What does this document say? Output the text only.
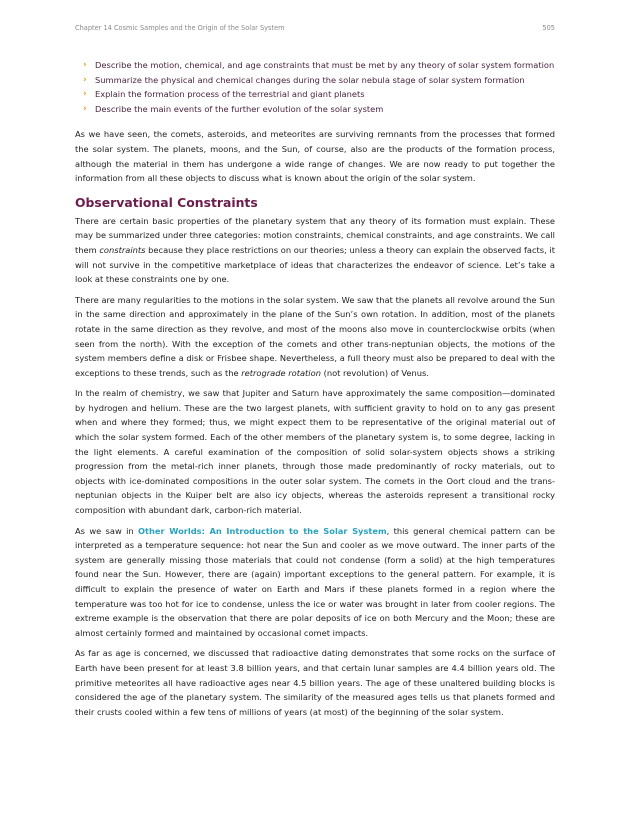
Chapter 14 Cosmic Samples and the Origin of the Solar System	505
› Describe the motion, chemical, and age constraints that must be met by any theory of solar system formation
› Summarize the physical and chemical changes during the solar nebula stage of solar system formation
› Explain the formation process of the terrestrial and giant planets
› Describe the main events of the further evolution of the solar system

As we have seen, the comets, asteroids, and meteorites are surviving remnants from the processes that formed the solar system. The planets, moons, and the Sun, of course, also are the products of the formation process, although the material in them has undergone a wide range of changes. We are now ready to put together the information from all these objects to discuss what is known about the origin of the solar system.

Observational Constraints

There are certain basic properties of the planetary system that any theory of its formation must explain. These may be summarized under three categories: motion constraints, chemical constraints, and age constraints. We call them constraints because they place restrictions on our theories; unless a theory can explain the observed facts, it will not survive in the competitive marketplace of ideas that characterizes the endeavor of science. Let’s take a look at these constraints one by one.

There are many regularities to the motions in the solar system. We saw that the planets all revolve around the Sun in the same direction and approximately in the plane of the Sun’s own rotation. In addition, most of the planets rotate in the same direction as they revolve, and most of the moons also move in counterclockwise orbits (when seen from the north). With the exception of the comets and other trans-neptunian objects, the motions of the system members define a disk or Frisbee shape. Nevertheless, a full theory must also be prepared to deal with the exceptions to these trends, such as the retrograde rotation (not revolution) of Venus.

In the realm of chemistry, we saw that Jupiter and Saturn have approximately the same composition—dominated by hydrogen and helium. These are the two largest planets, with sufficient gravity to hold on to any gas present when and where they formed; thus, we might expect them to be representative of the original material out of which the solar system formed. Each of the other members of the planetary system is, to some degree, lacking in the light elements. A careful examination of the composition of solid solar-system objects shows a striking progression from the metal-rich inner planets, through those made predominantly of rocky materials, out to objects with ice-dominated compositions in the outer solar system. The comets in the Oort cloud and the trans-neptunian objects in the Kuiper belt are also icy objects, whereas the asteroids represent a transitional rocky composition with abundant dark, carbon-rich material.

As we saw in Other Worlds: An Introduction to the Solar System, this general chemical pattern can be interpreted as a temperature sequence: hot near the Sun and cooler as we move outward. The inner parts of the system are generally missing those materials that could not condense (form a solid) at the high temperatures found near the Sun. However, there are (again) important exceptions to the general pattern. For example, it is difficult to explain the presence of water on Earth and Mars if these planets formed in a region where the temperature was too hot for ice to condense, unless the ice or water was brought in later from cooler regions. The extreme example is the observation that there are polar deposits of ice on both Mercury and the Moon; these are almost certainly formed and maintained by occasional comet impacts.

As far as age is concerned, we discussed that radioactive dating demonstrates that some rocks on the surface of Earth have been present for at least 3.8 billion years, and that certain lunar samples are 4.4 billion years old. The primitive meteorites all have radioactive ages near 4.5 billion years. The age of these unaltered building blocks is considered the age of the planetary system. The similarity of the measured ages tells us that planets formed and their crusts cooled within a few tens of millions of years (at most) of the beginning of the solar system.
